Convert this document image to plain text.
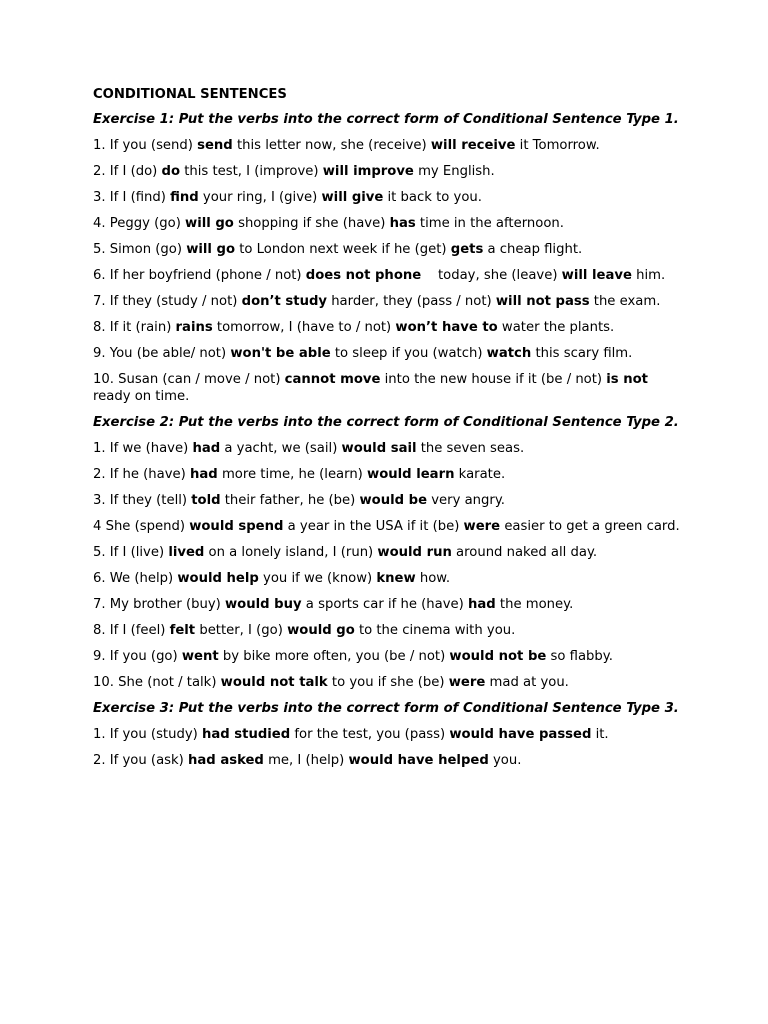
CONDITIONAL SENTENCES
Exercise 1: Put the verbs into the correct form of Conditional Sentence Type 1.
1. If you (send) send this letter now, she (receive) will receive it Tomorrow.
2. If I (do) do this test, I (improve) will improve my English.
3. If I (find) find your ring, I (give) will give it back to you.
4. Peggy (go) will go shopping if she (have) has time in the afternoon.
5. Simon (go) will go to London next week if he (get) gets a cheap flight.
6. If her boyfriend (phone / not) does not phone    today, she (leave) will leave him.
7. If they (study / not) don’t study harder, they (pass / not) will not pass the exam.
8. If it (rain) rains tomorrow, I (have to / not) won’t have to water the plants.
9. You (be able/ not) won't be able to sleep if you (watch) watch this scary film.
10. Susan (can / move / not) cannot move into the new house if it (be / not) is not ready on time.
Exercise 2: Put the verbs into the correct form of Conditional Sentence Type 2.
1. If we (have) had a yacht, we (sail) would sail the seven seas.
2. If he (have) had more time, he (learn) would learn karate.
3. If they (tell) told their father, he (be) would be very angry.
4 She (spend) would spend a year in the USA if it (be) were easier to get a green card.
5. If I (live) lived on a lonely island, I (run) would run around naked all day.
6. We (help) would help you if we (know) knew how.
7. My brother (buy) would buy a sports car if he (have) had the money.
8. If I (feel) felt better, I (go) would go to the cinema with you.
9. If you (go) went by bike more often, you (be / not) would not be so flabby.
10. She (not / talk) would not talk to you if she (be) were mad at you.
Exercise 3: Put the verbs into the correct form of Conditional Sentence Type 3.
1. If you (study) had studied for the test, you (pass) would have passed it.
2. If you (ask) had asked me, I (help) would have helped you.
